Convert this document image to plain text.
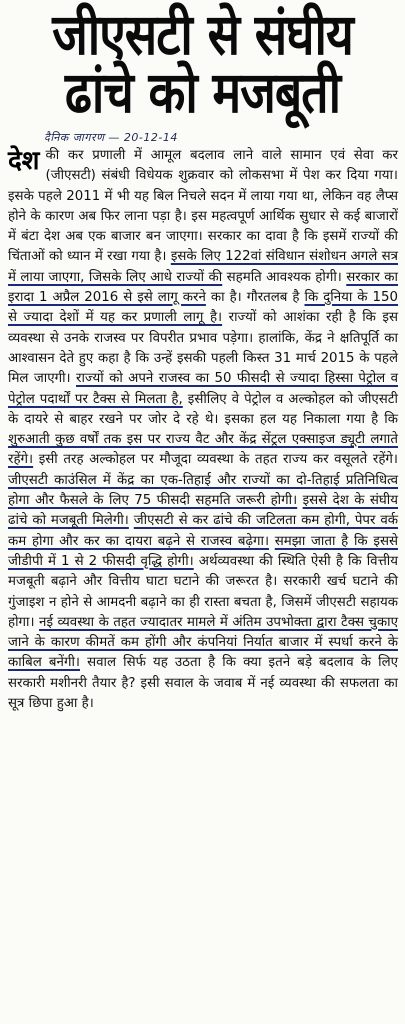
जीएसटी से संघीय
ढांचे को मजबूती
दैनिक जागरण — 20-12-14

देश की कर प्रणाली में आमूल बदलाव लाने वाले सामान एवं सेवा कर (जीएसटी) संबंधी विधेयक शुक्रवार को लोकसभा में पेश कर दिया गया। इसके पहले 2011 में भी यह बिल निचले सदन में लाया गया था, लेकिन वह लैप्स होने के कारण अब फिर लाना पड़ा है। इस महत्वपूर्ण आर्थिक सुधार से कई बाजारों में बंटा देश अब एक बाजार बन जाएगा। सरकार का दावा है कि इसमें राज्यों की चिंताओं को ध्यान में रखा गया है। इसके लिए 122वां संविधान संशोधन अगले सत्र में लाया जाएगा, जिसके लिए आधे राज्यों की सहमति आवश्यक होगी। सरकार का इरादा 1 अप्रैल 2016 से इसे लागू करने का है। गौरतलब है कि दुनिया के 150 से ज्यादा देशों में यह कर प्रणाली लागू है। राज्यों को आशंका रही है कि इस व्यवस्था से उनके राजस्व पर विपरीत प्रभाव पड़ेगा। हालांकि, केंद्र ने क्षतिपूर्ति का आश्वासन देते हुए कहा है कि उन्हें इसकी पहली किस्त 31 मार्च 2015 के पहले मिल जाएगी। राज्यों को अपने राजस्व का 50 फीसदी से ज्यादा हिस्सा पेट्रोल व पेट्रोल पदार्थों पर टैक्स से मिलता है, इसीलिए वे पेट्रोल व अल्कोहल को जीएसटी के दायरे से बाहर रखने पर जोर दे रहे थे। इसका हल यह निकाला गया है कि शुरुआती कुछ वर्षों तक इस पर राज्य वैट और केंद्र सेंट्रल एक्साइज ड्यूटी लगाते रहेंगे। इसी तरह अल्कोहल पर मौजूदा व्यवस्था के तहत राज्य कर वसूलते रहेंगे। जीएसटी काउंसिल में केंद्र का एक-तिहाई और राज्यों का दो-तिहाई प्रतिनिधित्व होगा और फैसले के लिए 75 फीसदी सहमति जरूरी होगी। इससे देश के संघीय ढांचे को मजबूती मिलेगी। जीएसटी से कर ढांचे की जटिलता कम होगी, पेपर वर्क कम होगा और कर का दायरा बढ़ने से राजस्व बढ़ेगा। समझा जाता है कि इससे जीडीपी में 1 से 2 फीसदी वृद्धि होगी। अर्थव्यवस्था की स्थिति ऐसी है कि वित्तीय मजबूती बढ़ाने और वित्तीय घाटा घटाने की जरूरत है। सरकारी खर्च घटाने की गुंजाइश न होने से आमदनी बढ़ाने का ही रास्ता बचता है, जिसमें जीएसटी सहायक होगा। नई व्यवस्था के तहत ज्यादातर मामले में अंतिम उपभोक्ता द्वारा टैक्स चुकाए जाने के कारण कीमतें कम होंगी और कंपनियां निर्यात बाजार में स्पर्धा करने के काबिल बनेंगी। सवाल सिर्फ यह उठता है कि क्या इतने बड़े बदलाव के लिए सरकारी मशीनरी तैयार है? इसी सवाल के जवाब में नई व्यवस्था की सफलता का सूत्र छिपा हुआ है।
